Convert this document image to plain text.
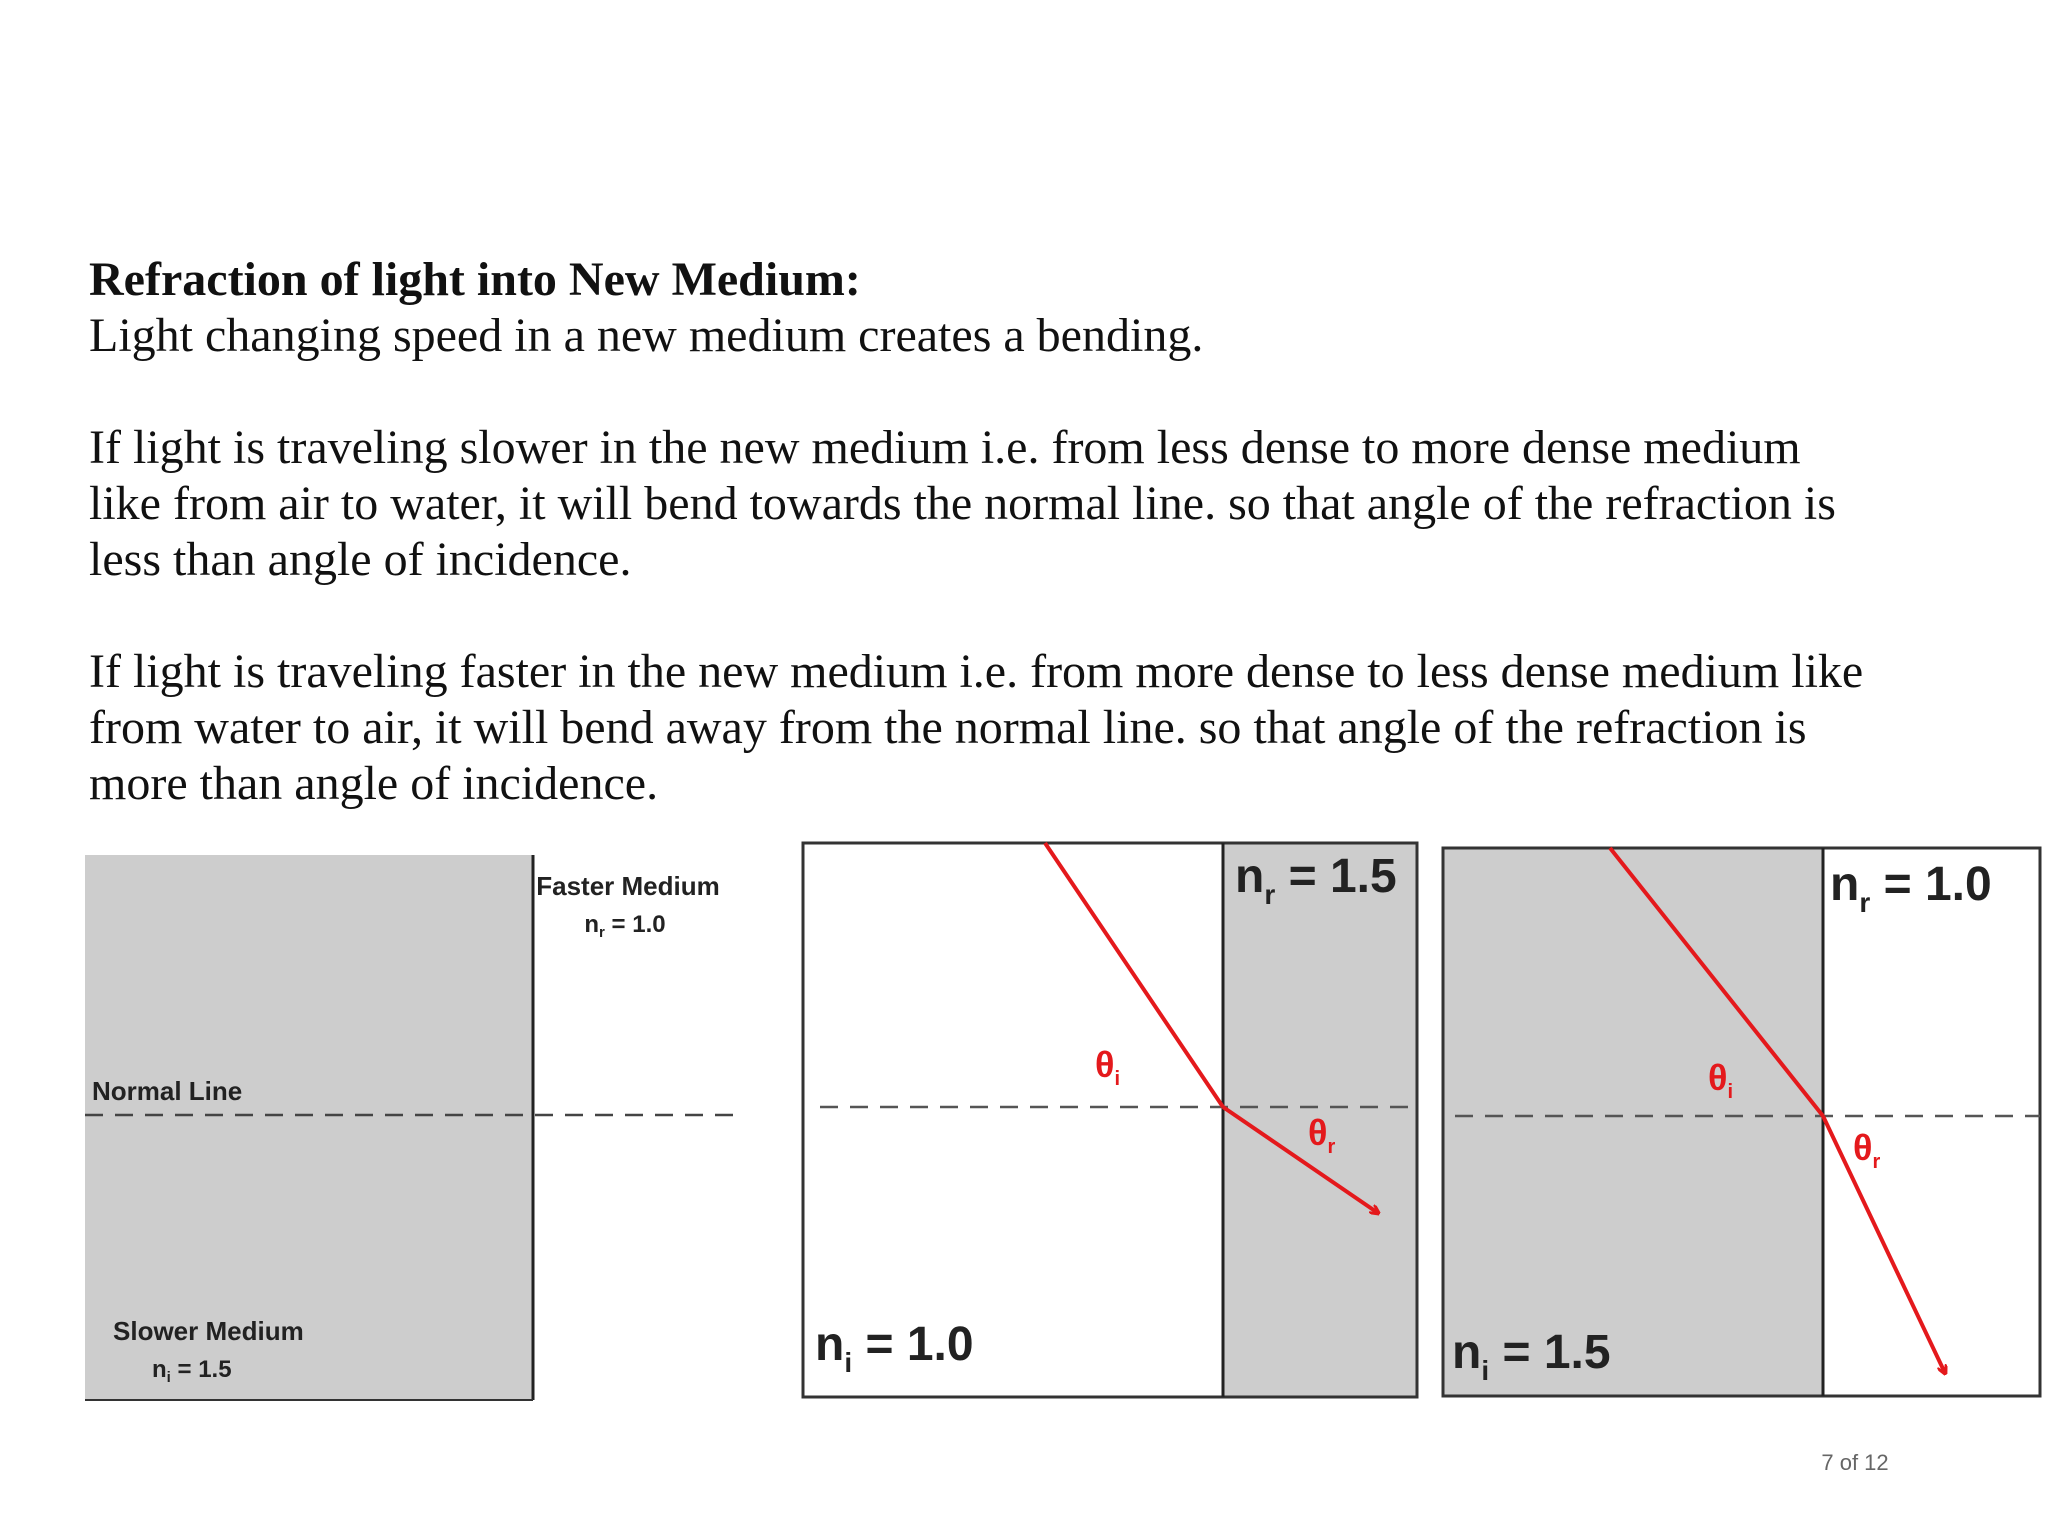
Refraction of light into New Medium:
Light changing speed in a new medium creates a bending.
If light is traveling slower in the new medium i.e. from less dense to more dense medium
like from air to water, it will bend towards the normal line. so that angle of the refraction is
less than angle of incidence.
If light is traveling faster in the new medium i.e. from more dense to less dense medium like
from water to air, it will bend away from the normal line. so that angle of the refraction is
more than angle of incidence.
Faster Medium
$n_r = 1.0$
Normal Line
Slower Medium
$n_i = 1.5$
$n_r = 1.5$
$n_i = 1.0$
$\theta_i$
$\theta_r$
$n_r = 1.0$
$n_i = 1.5$
$\theta_i$
$\theta_r$
7 of 12
